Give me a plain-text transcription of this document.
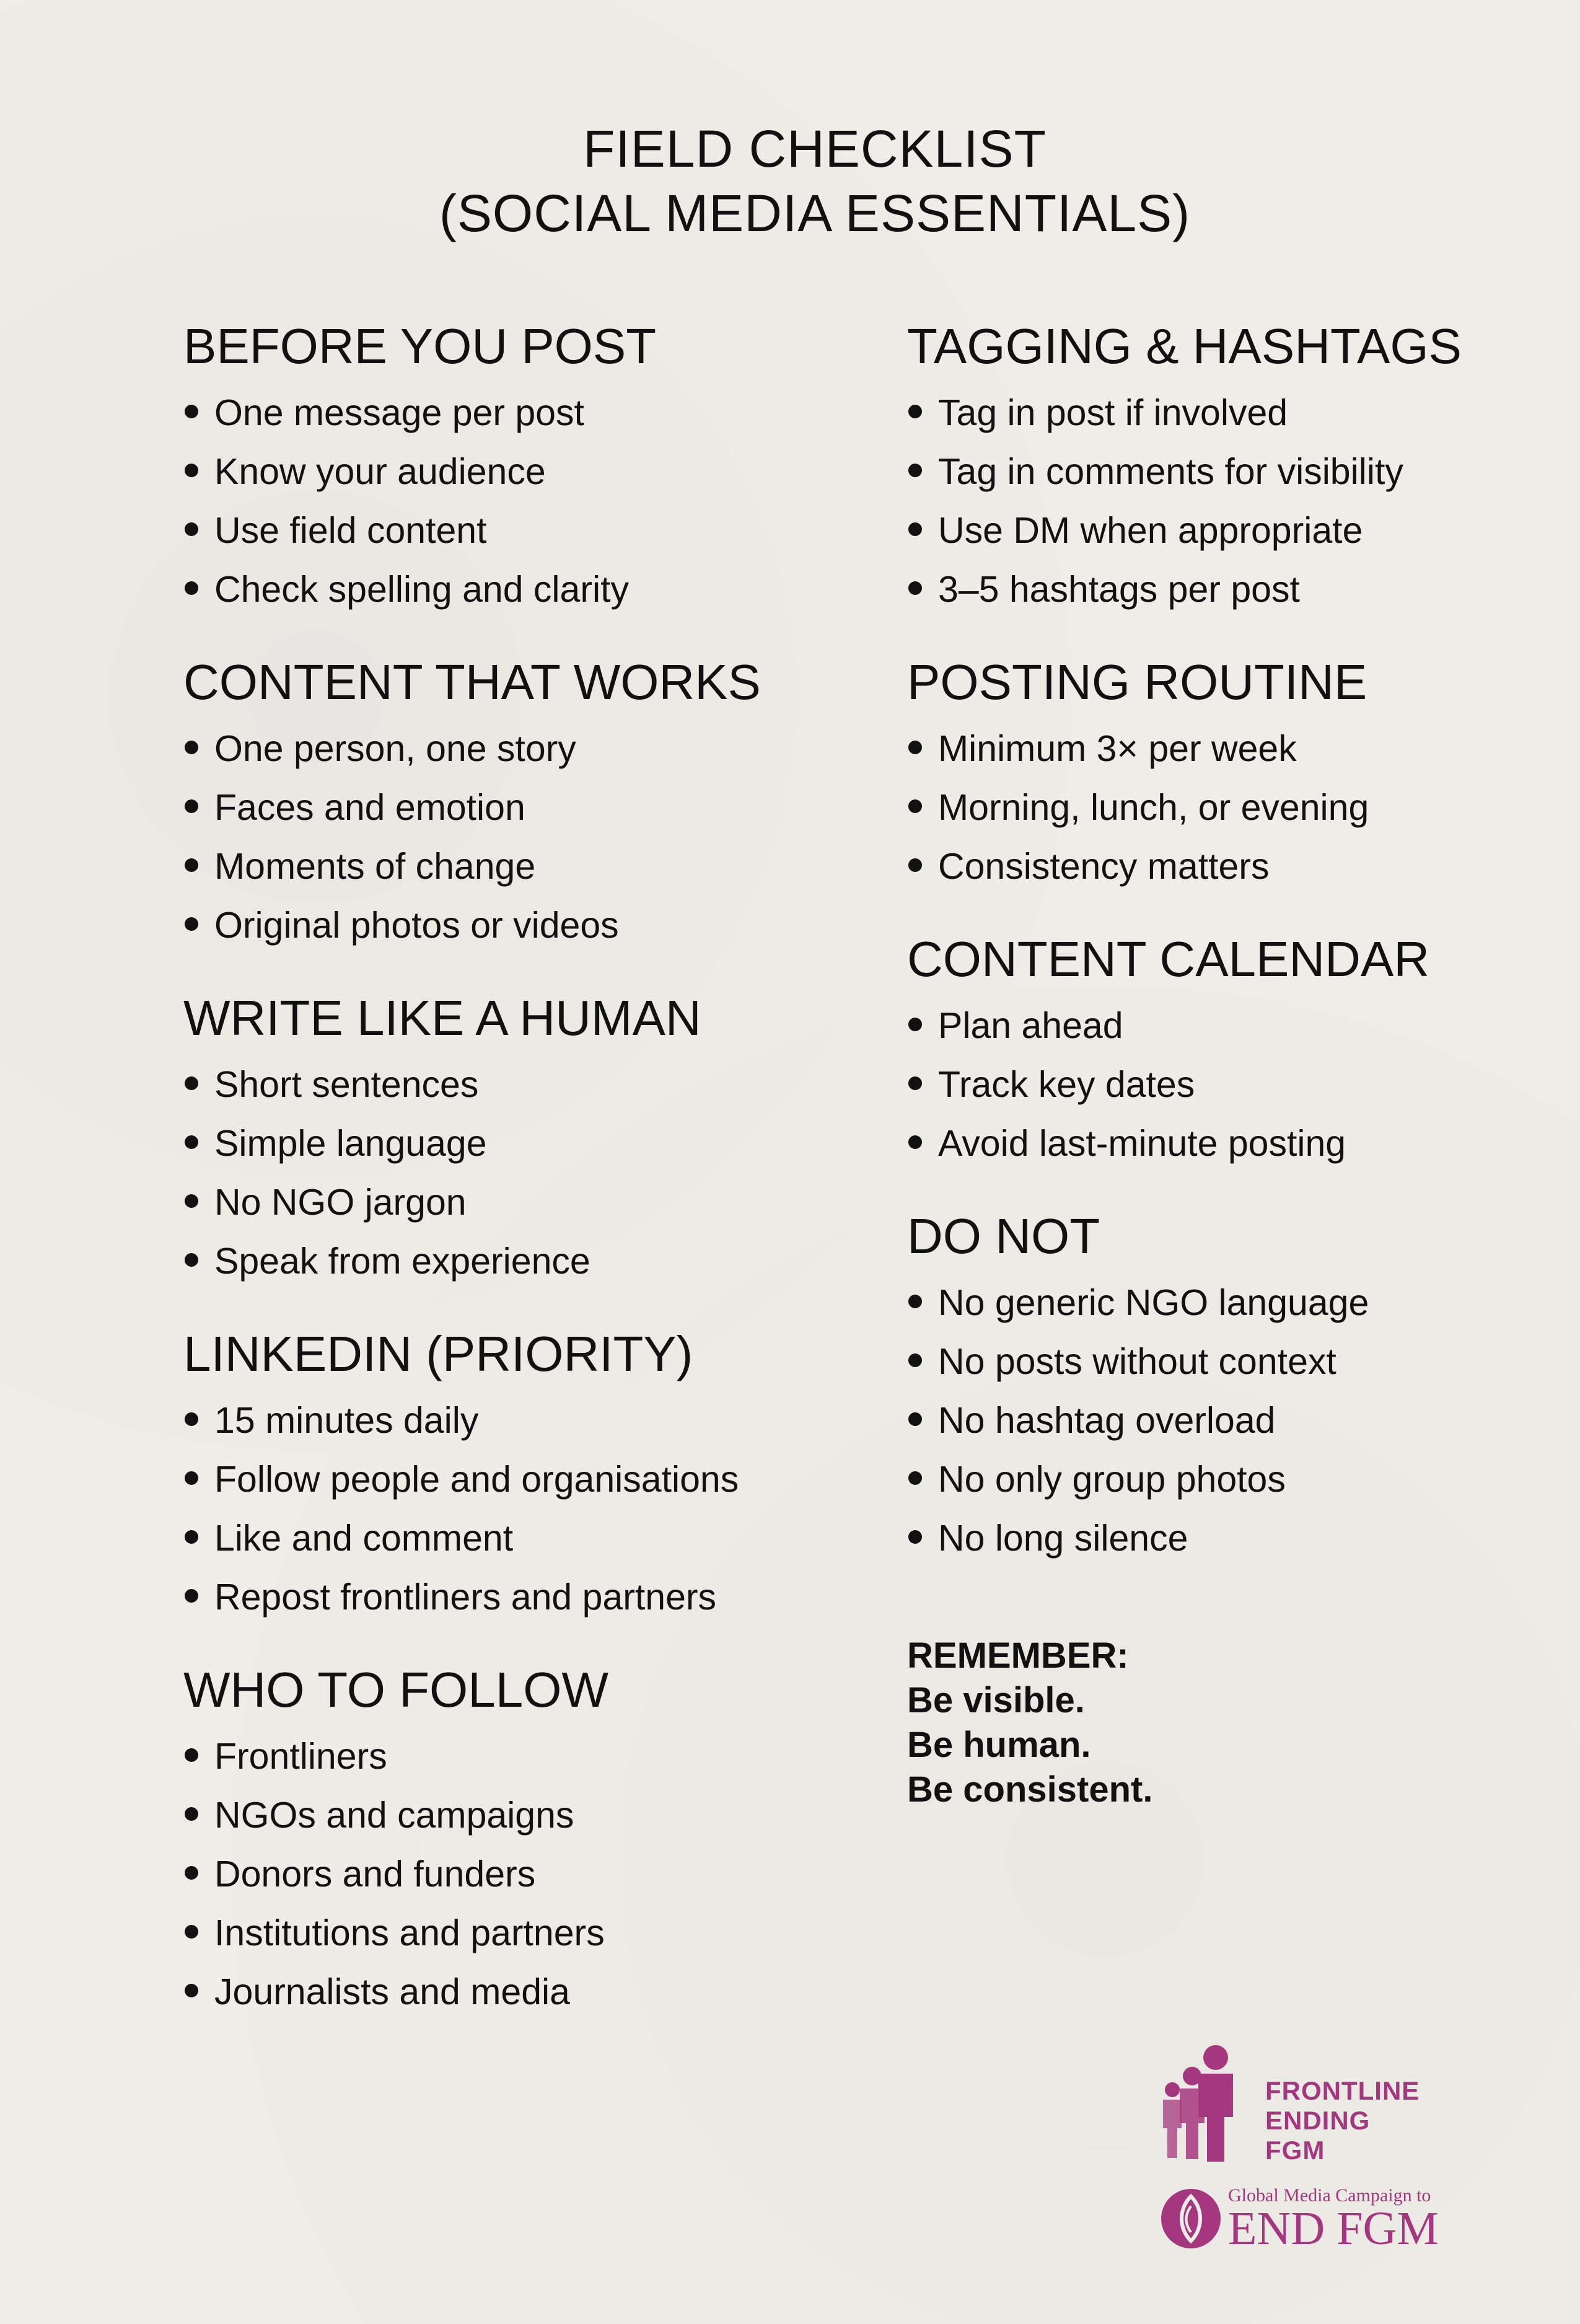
FIELD CHECKLIST
(SOCIAL MEDIA ESSENTIALS)
BEFORE YOU POST
One message per post
Know your audience
Use field content
Check spelling and clarity
CONTENT THAT WORKS
One person, one story
Faces and emotion
Moments of change
Original photos or videos
WRITE LIKE A HUMAN
Short sentences
Simple language
No NGO jargon
Speak from experience
LINKEDIN (PRIORITY)
15 minutes daily
Follow people and organisations
Like and comment
Repost frontliners and partners
WHO TO FOLLOW
Frontliners
NGOs and campaigns
Donors and funders
Institutions and partners
Journalists and media
TAGGING & HASHTAGS
Tag in post if involved
Tag in comments for visibility
Use DM when appropriate
3–5 hashtags per post
POSTING ROUTINE
Minimum 3× per week
Morning, lunch, or evening
Consistency matters
CONTENT CALENDAR
Plan ahead
Track key dates
Avoid last-minute posting
DO NOT
No generic NGO language
No posts without context
No hashtag overload
No only group photos
No long silence
REMEMBER:
Be visible.
Be human.
Be consistent.
FRONTLINE
ENDING
FGM
Global Media Campaign to
END FGM
